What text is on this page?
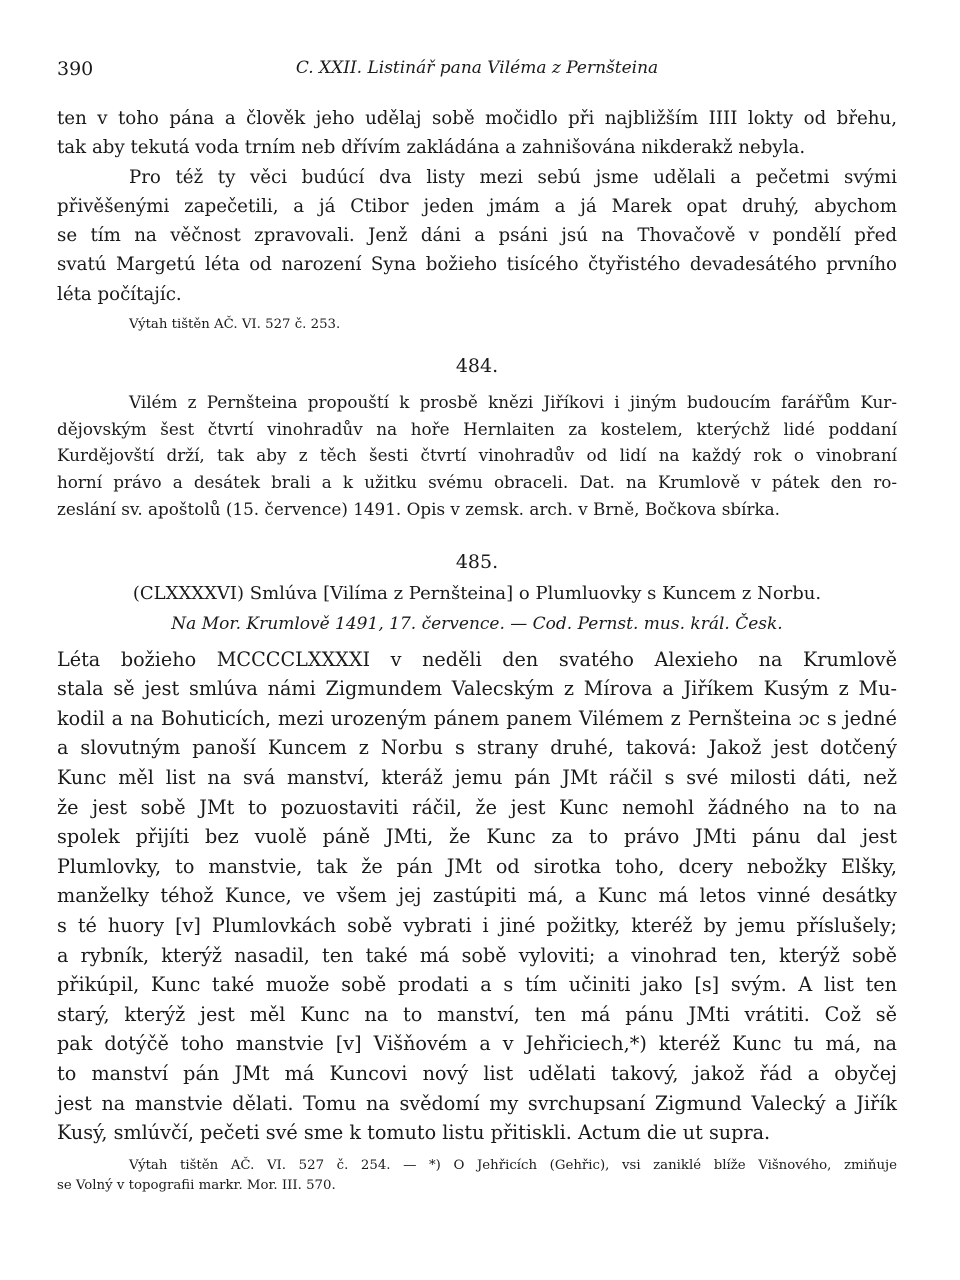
390	C. XXII. Listinář pana Viléma z Pernšteina
ten v toho pána a člověk jeho udělaj sobě močidlo při najbližším IIII lokty od břehu,
tak aby tekutá voda trním neb dřívím zakládána a zahnišována nikderakž nebyla.
Pro též ty věci budúcí dva listy mezi sebú jsme udělali a pečetmi svými
přivěšenými zapečetili, a já Ctibor jeden jmám a já Marek opat druhý, abychom
se tím na věčnost zpravovali. Jenž dáni a psáni jsú na Thovačově v pondělí před
svatú Margetú léta od narození Syna božieho tisícého čtyřistého devadesátého prvního
léta počítajíc.
Výtah tištěn AČ. VI. 527 č. 253.
484.
Vilém z Pernšteina propouští k prosbě knězi Jiříkovi i jiným budoucím farářům Kur-
dějovským šest čtvrtí vinohradův na hoře Hernlaiten za kostelem, kterýchž lidé poddaní
Kurdějovští drží, tak aby z těch šesti čtvrtí vinohradův od lidí na každý rok o vinobraní
horní právo a desátek brali a k užitku svému obraceli. Dat. na Krumlově v pátek den ro-
zeslání sv. apoštolů (15. července) 1491. Opis v zemsk. arch. v Brně, Bočkova sbírka.
485.
(CLXXXXVI) Smlúva [Vilíma z Pernšteina] o Plumluovky s Kuncem z Norbu.
Na Mor. Krumlově 1491, 17. července. — Cod. Pernst. mus. král. Česk.
Léta božieho MCCCCLXXXXI v neděli den svatého Alexieho na Krumlově
stala sě jest smlúva námi Zigmundem Valecským z Mírova a Jiříkem Kusým z Mu-
kodil a na Bohuticích, mezi urozeným pánem panem Vilémem z Pernšteina ɔc s jedné
a slovutným panoší Kuncem z Norbu s strany druhé, taková: Jakož jest dotčený
Kunc měl list na svá manství, kteráž jemu pán JMt ráčil s své milosti dáti, než
že jest sobě JMt to pozuostaviti ráčil, že jest Kunc nemohl žádného na to na
spolek přijíti bez vuolě páně JMti, že Kunc za to právo JMti pánu dal jest
Plumlovky, to manstvie, tak že pán JMt od sirotka toho, dcery nebožky Elšky,
manželky téhož Kunce, ve všem jej zastúpiti má, a Kunc má letos vinné desátky
s té huory [v] Plumlovkách sobě vybrati i jiné požitky, kteréž by jemu příslušely;
a rybník, kterýž nasadil, ten také má sobě vyloviti; a vinohrad ten, kterýž sobě
přikúpil, Kunc také muože sobě prodati a s tím učiniti jako [s] svým. A list ten
starý, kterýž jest měl Kunc na to manství, ten má pánu JMti vrátiti. Což sě
pak dotýčě toho manstvie [v] Višňovém a v Jehřiciech,*) kteréž Kunc tu má, na
to manství pán JMt má Kuncovi nový list udělati takový, jakož řád a obyčej
jest na manstvie dělati. Tomu na svědomí my svrchupsaní Zigmund Valecký a Jiřík
Kusý, smlúvčí, pečeti své sme k tomuto listu přitiskli. Actum die ut supra.
Výtah tištěn AČ. VI. 527 č. 254. — *) O Jehřicích (Gehřic), vsi zaniklé blíže Višnového, zmiňuje
se Volný v topografii markr. Mor. III. 570.
